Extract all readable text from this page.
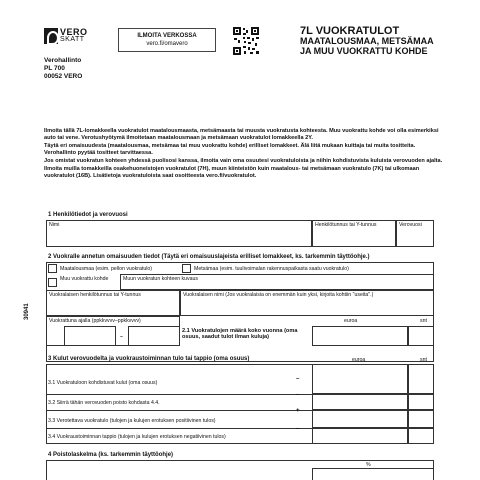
VERO
SKATT	ILMOITA VERKOSSA
vero.fi/omavero
7L VUOKRATULOT
MAATALOUSMAA, METSÄMAA
JA MUU VUOKRATTU KOHDE
Verohallinto
PL 700
00052 VERO

Ilmoita tällä 7L-lomakkeella vuokratulot maatalousmaasta, metsämaasta tai muusta vuokratusta kohteesta. Muu vuokrattu kohde voi olla esimerkiksi auto tai vene. Verotushyötymä ilmoitetaan maatalousmaan ja metsämaan vuokratulot lomakkeella 2Y.

Täytä eri omaisuudesta (maatalousmaa, metsämaa tai muu vuokrattu kohde) erilliset lomakkeet. Älä liitä mukaan kuittaja tai muita tositteita. Verohallinto pyytää tositteet tarvittaessa.

Jos omistat vuokratun kohteen yhdessä puolisosi kanssa, ilmoita vain oma osuutesi vuokratuloista ja niihin kohdistuvista kuluista verovuoden ajalta.

Ilmoita muilla tomakkeilla osakehuoneistojen vuokratulot (7H), muun kiinteistön kuin maatalous- tai metsämaan vuokratulo (7K) tai ulkomaan vuokratulot (16B). Lisätietoja vuokratuloista saat osoitteesta vero.fi/vuokratulot.

1 Henkilötiedot ja verovuosi
Nimi	Henkilötunnus tai Y-tunnus	Verovuosi
2 Vuokralle annetun omaisuuden tiedot (Täytä eri omaisuuslajeista erilliset lomakkeet, ks. tarkemmin täyttöohje.)
Maatalousmaa (esim. pellon vuokratulo)	Metsämaa (esim. tuulivoimalan rakennuspaikasta saatu vuokratulo)
Muu vuokrattu kohde	Muun vuokratun kohteen kuvaus
Vuokralaisen henkilötunnus tai Y-tunnus	Vuokralaisen nimi (Jos vuokralaisia on enemmän kuin yksi, kirjoita kohtiin "useita".)
Vuokrattuna ajalla (ppkkvvvv–ppkkvvvv)
–
2.1 Vuokratulojen määrä koko vuonna (oma osuus, saadut tulot ilman kuluja)
euroa	snt
30941
3 Kulut verovuodelta ja vuokraustoiminnan tulo tai tappio (oma osuus)	euroa	snt
3.1 Vuokratuloon kohdistuvat kulut (oma osuus)
3.2 Siirrä tähän verovuoden poisto kohdasta 4.4.
3.3 Verotettava vuokratulo (tulojen ja kulujen erotuksen positiivinen tulos)
3.4 Vuokraustoiminnan tappio (tulojen ja kulujen erotuksen negatiivinen tulos)
–
–
+
–
4 Poistolaskelma (ks. tarkemmin täyttöohje)
%
